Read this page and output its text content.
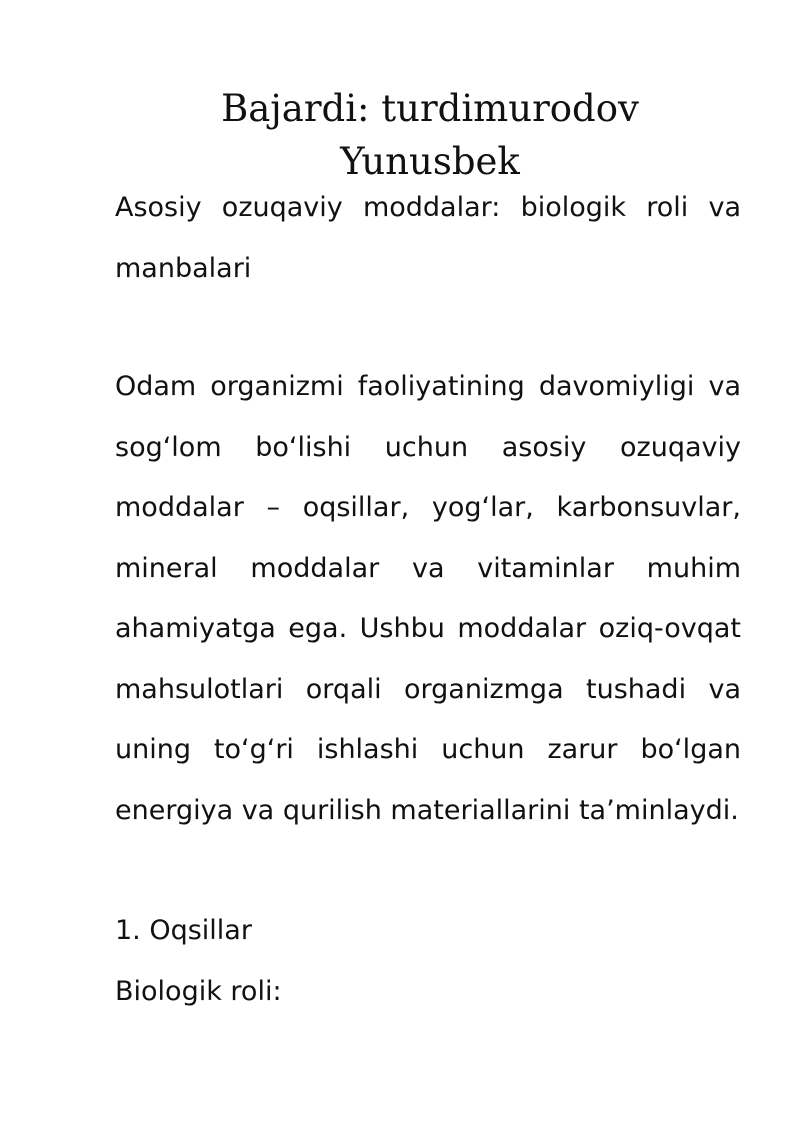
Bajardi: turdimurodov Yunusbek

Asosiy ozuqaviy moddalar: biologik roli va manbalari

Odam organizmi faoliyatining davomiyligi va sog‘lom bo‘lishi uchun asosiy ozuqaviy moddalar – oqsillar, yog‘lar, karbonsuvlar, mineral moddalar va vitaminlar muhim ahamiyatga ega. Ushbu moddalar oziq-ovqat mahsulotlari orqali organizmga tushadi va uning to‘g‘ri ishlashi uchun zarur bo‘lgan energiya va qurilish materiallarini ta’minlaydi.

1. Oqsillar

Biologik roli:
